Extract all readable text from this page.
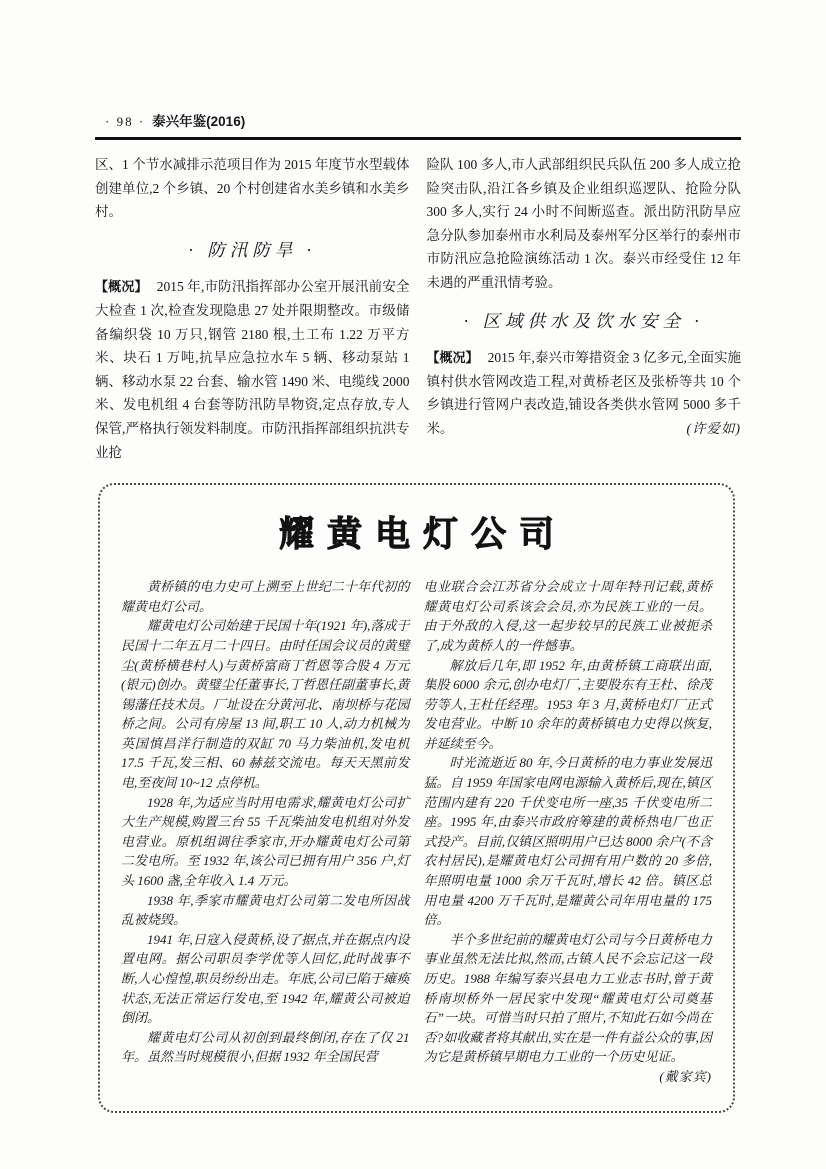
· 98 · 泰兴年鉴(2016)

区、1 个节水减排示范项目作为 2015 年度节水型载体创建单位,2 个乡镇、20 个村创建省水美乡镇和水美乡村。

· 防汛防旱 ·

【概况】 2015 年,市防汛指挥部办公室开展汛前安全大检查 1 次,检查发现隐患 27 处并限期整改。市级储备编织袋 10 万只,钢管 2180 根,土工布 1.22 万平方米、块石 1 万吨,抗旱应急拉水车 5 辆、移动泵站 1 辆、移动水泵 22 台套、输水管 1490 米、电缆线 2000 米、发电机组 4 台套等防汛防旱物资,定点存放,专人保管,严格执行领发料制度。市防汛指挥部组织抗洪专业抢

险队 100 多人,市人武部组织民兵队伍 200 多人成立抢险突击队,沿江各乡镇及企业组织巡逻队、抢险分队 300 多人,实行 24 小时不间断巡查。派出防汛防旱应急分队参加泰州市水利局及泰州军分区举行的泰州市市防汛应急抢险演练活动 1 次。泰兴市经受住 12 年未遇的严重汛情考验。

· 区域供水及饮水安全 ·

【概况】 2015 年,泰兴市筹措资金 3 亿多元,全面实施镇村供水管网改造工程,对黄桥老区及张桥等共 10 个乡镇进行管网户表改造,铺设各类供水管网 5000 多千米。	(许爱如)

耀黄电灯公司

黄桥镇的电力史可上溯至上世纪二十年代初的耀黄电灯公司。

耀黄电灯公司始建于民国十年(1921 年),落成于民国十二年五月二十四日。由时任国会议员的黄璧尘(黄桥横巷村人)与黄桥富商丁哲恩等合股 4 万元(银元)创办。黄璧尘任董事长,丁哲恩任副董事长,黄锡藩任技术员。厂址设在分黄河北、南坝桥与花园桥之间。公司有房屋 13 间,职工 10 人,动力机械为英国慎昌洋行制造的双缸 70 马力柴油机,发电机 17.5 千瓦,发三相、60 赫兹交流电。每天天黑前发电,至夜间 10~12 点停机。

1928 年,为适应当时用电需求,耀黄电灯公司扩大生产规模,购置三台 55 千瓦柴油发电机组对外发电营业。原机组调往季家市,开办耀黄电灯公司第二发电所。至 1932 年,该公司已拥有用户 356 户,灯头 1600 盏,全年收入 1.4 万元。

1938 年,季家市耀黄电灯公司第二发电所因战乱被烧毁。

1941 年,日寇入侵黄桥,设了据点,并在据点内设置电网。据公司职员李学优等人回忆,此时战事不断,人心惶惶,职员纷纷出走。年底,公司已陷于瘫痪状态,无法正常运行发电,至 1942 年,耀黄公司被迫倒闭。

耀黄电灯公司从初创到最终倒闭,存在了仅 21 年。虽然当时规模很小,但据 1932 年全国民营

电业联合会江苏省分会成立十周年特刊记载,黄桥耀黄电灯公司系该会会员,亦为民族工业的一员。由于外敌的入侵,这一起步较早的民族工业被扼杀了,成为黄桥人的一件憾事。

解放后几年,即 1952 年,由黄桥镇工商联出面,集股 6000 余元,创办电灯厂,主要股东有王杜、徐茂劳等人,王杜任经理。1953 年 3 月,黄桥电灯厂正式发电营业。中断 10 余年的黄桥镇电力史得以恢复,并延续至今。

时光流逝近 80 年,今日黄桥的电力事业发展迅猛。自 1959 年国家电网电源输入黄桥后,现在,镇区范围内建有 220 千伏变电所一座,35 千伏变电所二座。1995 年,由泰兴市政府筹建的黄桥热电厂也正式投产。目前,仅镇区照明用户已达 8000 余户(不含农村居民),是耀黄电灯公司拥有用户数的 20 多倍,年照明电量 1000 余万千瓦时,增长 42 倍。镇区总用电量 4200 万千瓦时,是耀黄公司年用电量的 175 倍。

半个多世纪前的耀黄电灯公司与今日黄桥电力事业虽然无法比拟,然而,古镇人民不会忘记这一段历史。1988 年编写泰兴县电力工业志书时,曾于黄桥南坝桥外一居民家中发现“耀黄电灯公司奠基石”一块。可惜当时只拍了照片,不知此石如今尚在否?如收藏者将其献出,实在是一件有益公众的事,因为它是黄桥镇早期电力工业的一个历史见证。
(戴家宾)
